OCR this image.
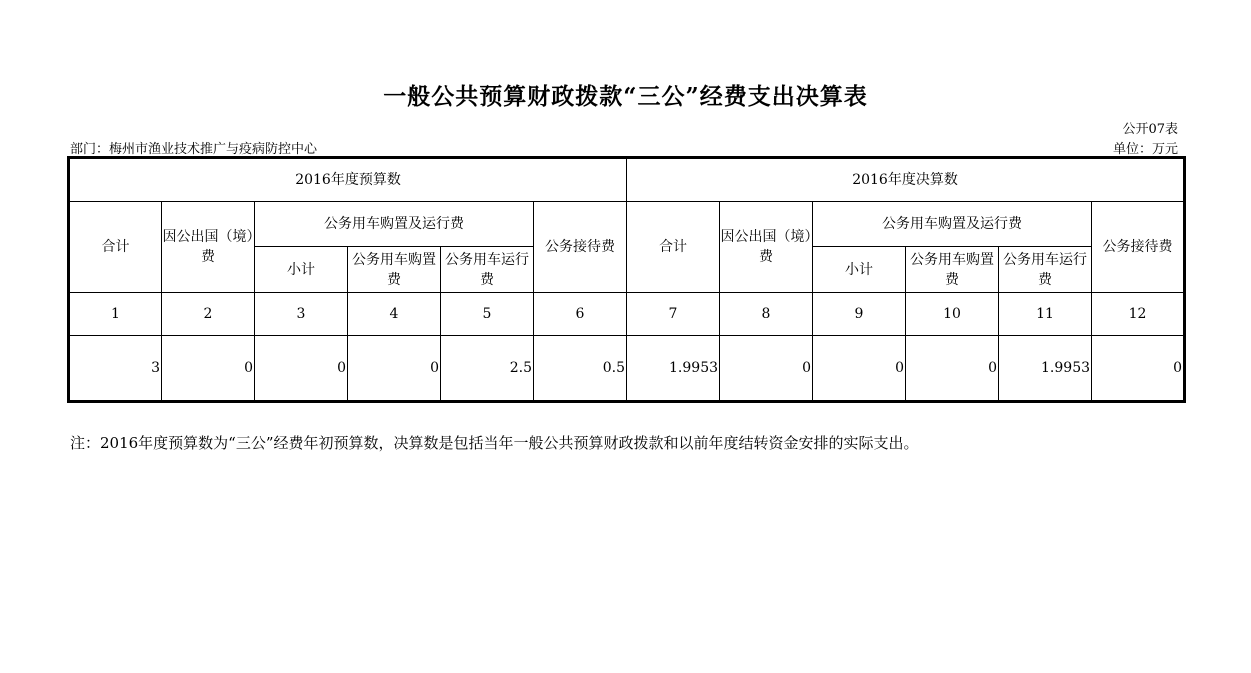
一般公共预算财政拨款“三公”经费支出决算表
公开07表
部门：梅州市渔业技术推广与疫病防控中心	单位：万元
2016年度预算数						2016年度决算数					
合计	因公出国（境）费	公务用车购置及运行费			公务接待费	合计	因公出国（境）费	公务用车购置及运行费			公务接待费
		小计	公务用车购置费	公务用车运行费				小计	公务用车购置费	公务用车运行费	
1	2	3	4	5	6	7	8	9	10	11	12
3	0	0	0	2.5	0.5	1.9953	0	0	0	1.9953	0
注：2016年度预算数为“三公”经费年初预算数，决算数是包括当年一般公共预算财政拨款和以前年度结转资金安排的实际支出。
